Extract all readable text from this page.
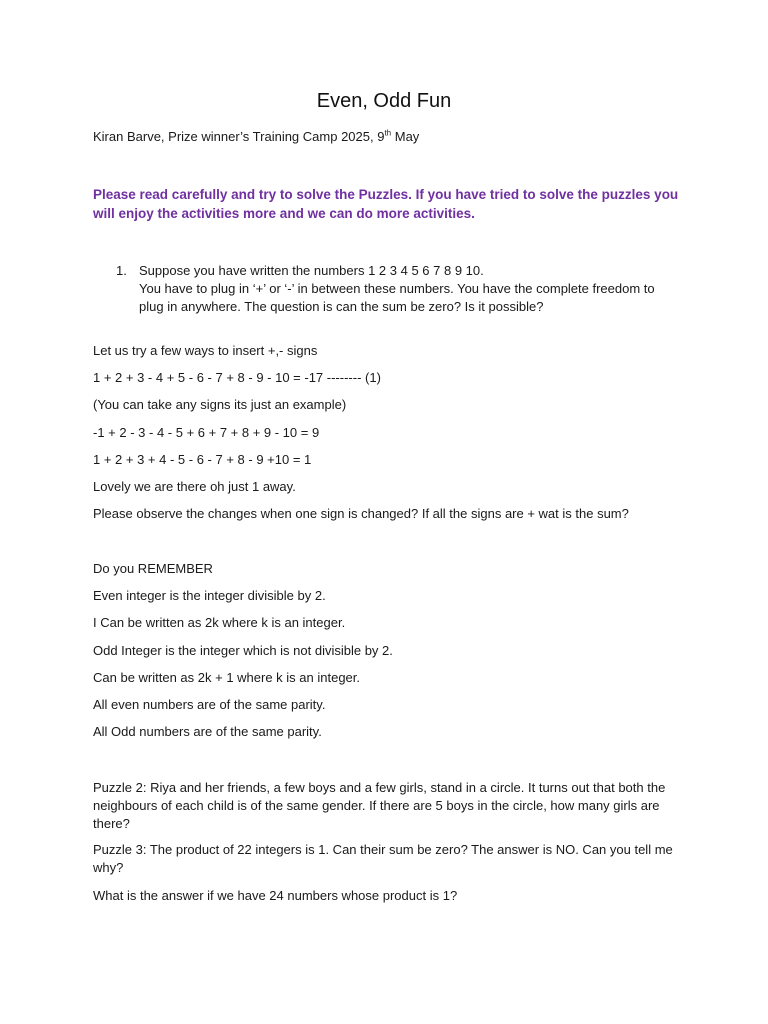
Even, Odd Fun
Kiran Barve, Prize winner’s Training Camp 2025, 9th May
Please read carefully and try to solve the Puzzles. If you have tried to solve the puzzles you
will enjoy the activities more and we can do more activities.
1. Suppose you have written the numbers 1 2 3 4 5 6 7 8 9 10.
You have to plug in ‘+’ or ‘-’ in between these numbers. You have the complete freedom to
plug in anywhere. The question is can the sum be zero? Is it possible?
Let us try a few ways to insert +,- signs
1 + 2 + 3 - 4 + 5 - 6 - 7 + 8 - 9 - 10 = -17 -------- (1)
(You can take any signs its just an example)
-1 + 2 - 3 - 4 - 5 + 6 + 7 + 8 + 9 - 10 = 9
1 + 2 + 3 + 4 - 5 - 6 - 7 + 8 - 9 +10 = 1
Lovely we are there oh just 1 away.
Please observe the changes when one sign is changed? If all the signs are + wat is the sum?
Do you REMEMBER
Even integer is the integer divisible by 2.
I Can be written as 2k where k is an integer.
Odd Integer is the integer which is not divisible by 2.
Can be written as 2k + 1 where k is an integer.
All even numbers are of the same parity.
All Odd numbers are of the same parity.
Puzzle 2: Riya and her friends, a few boys and a few girls, stand in a circle. It turns out that both the
neighbours of each child is of the same gender. If there are 5 boys in the circle, how many girls are
there?
Puzzle 3: The product of 22 integers is 1. Can their sum be zero? The answer is NO. Can you tell me
why?
What is the answer if we have 24 numbers whose product is 1?
